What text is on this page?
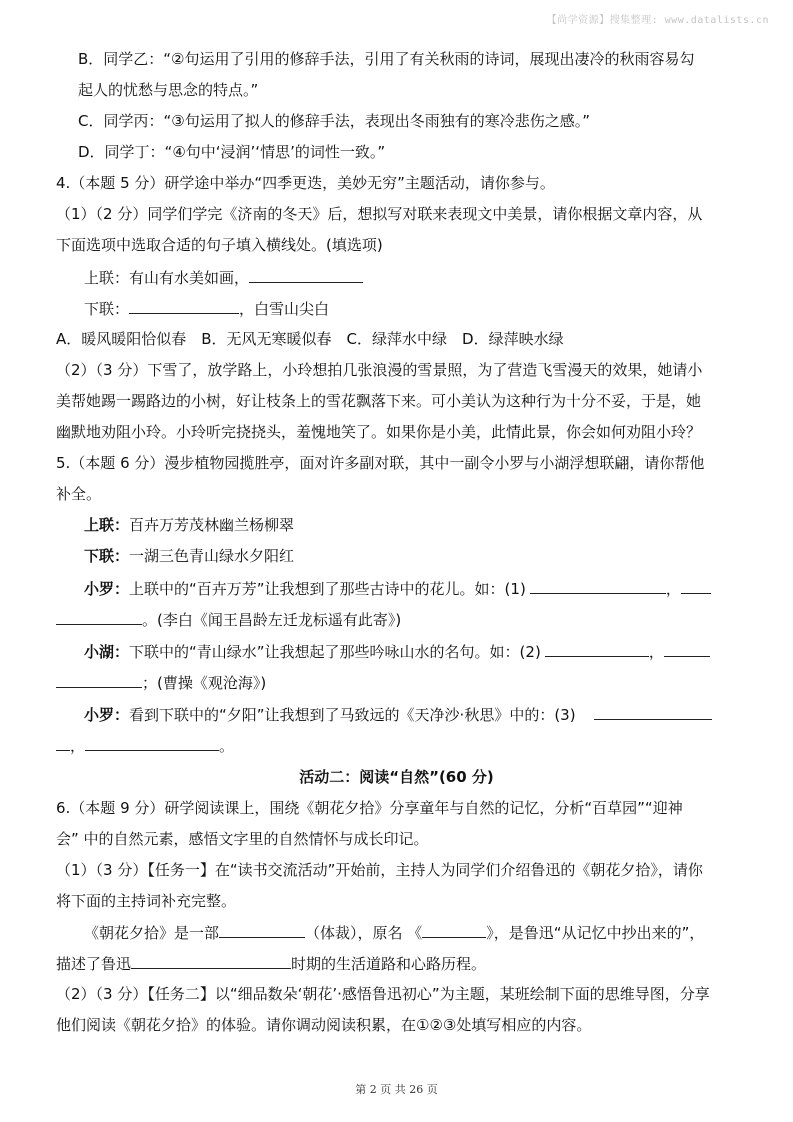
【尚学资源】搜集整理: www.datalists.cn
B．同学乙：“②句运用了引用的修辞手法，引用了有关秋雨的诗词，展现出凄冷的秋雨容易勾
起人的忧愁与思念的特点。”
C．同学丙：“③句运用了拟人的修辞手法，表现出冬雨独有的寒冷悲伤之感。”
D．同学丁：“④句中‘浸润’‘情思’的词性一致。”
4.（本题 5 分）研学途中举办“四季更迭，美妙无穷”主题活动，请你参与。
（1）（2 分）同学们学完《济南的冬天》后，想拟写对联来表现文中美景，请你根据文章内容，从
下面选项中选取合适的句子填入横线处。(填选项)
上联：有山有水美如画，
下联：	，白雪山尖白
A．暖风暖阳恰似春　B．无风无寒暖似春　C．绿萍水中绿　D．绿萍映水绿
（2）（3 分）下雪了，放学路上，小玲想拍几张浪漫的雪景照，为了营造飞雪漫天的效果，她请小
美帮她踢一踢路边的小树，好让枝条上的雪花飘落下来。可小美认为这种行为十分不妥，于是，她
幽默地劝阻小玲。小玲听完挠挠头，羞愧地笑了。如果你是小美，此情此景，你会如何劝阻小玲？
5.（本题 6 分）漫步植物园揽胜亭，面对许多副对联，其中一副令小罗与小湖浮想联翩，请你帮他
补全。
上联：百卉万芳茂林幽兰杨柳翠
下联：一湖三色青山绿水夕阳红
小罗：上联中的“百卉万芳”让我想到了那些古诗中的花儿。如：(1)	，
。(李白《闻王昌龄左迁龙标遥有此寄》)
小湖：下联中的“青山绿水”让我想起了那些吟咏山水的名句。如：(2)	，
；(曹操《观沧海》)
小罗：看到下联中的“夕阳”让我想到了马致远的《天净沙·秋思》中的：(3)
，	。
活动二：阅读“自然”(60 分)
6.（本题 9 分）研学阅读课上，围绕《朝花夕拾》分享童年与自然的记忆，分析“百草园”“迎神
会” 中的自然元素，感悟文字里的自然情怀与成长印记。
（1）（3 分）【任务一】在“读书交流活动”开始前，主持人为同学们介绍鲁迅的《朝花夕拾》，请你
将下面的主持词补充完整。
《朝花夕拾》是一部	（体裁），原名 《	》，是鲁迅“从记忆中抄出来的”，
描述了鲁迅	时期的生活道路和心路历程。
（2）（3 分）【任务二】以“细品数朵‘朝花’·感悟鲁迅初心”为主题，某班绘制下面的思维导图，分享
他们阅读《朝花夕拾》的体验。请你调动阅读积累，在①②③处填写相应的内容。
第 2 页 共 26 页
